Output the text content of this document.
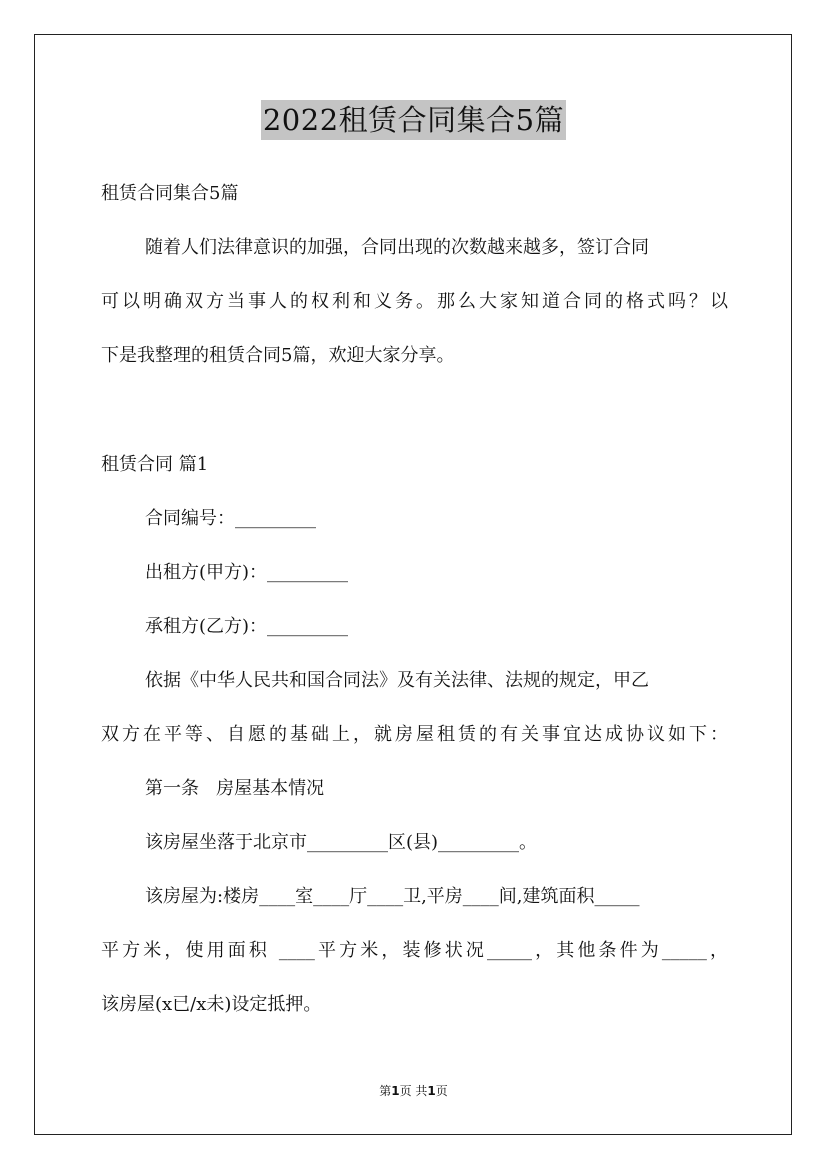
2022租赁合同集合5篇
租赁合同集合5篇
随着人们法律意识的加强，合同出现的次数越来越多，签订合同
可以明确双方当事人的权利和义务。那么大家知道合同的格式吗？以
下是我整理的租赁合同5篇，欢迎大家分享。
租赁合同 篇1
合同编号：_________
出租方(甲方)：_________
承租方(乙方)：_________
依据《中华人民共和国合同法》及有关法律、法规的规定，甲乙
双方在平等、自愿的基础上，就房屋租赁的有关事宜达成协议如下：
第一条   房屋基本情况
该房屋坐落于北京市_________区(县)_________。
该房屋为:楼房____室____厅____卫,平房____间,建筑面积_____
平方米，使用面积 ____平方米，装修状况_____，其他条件为_____，
该房屋(x已/x未)设定抵押。
第1页 共1页
